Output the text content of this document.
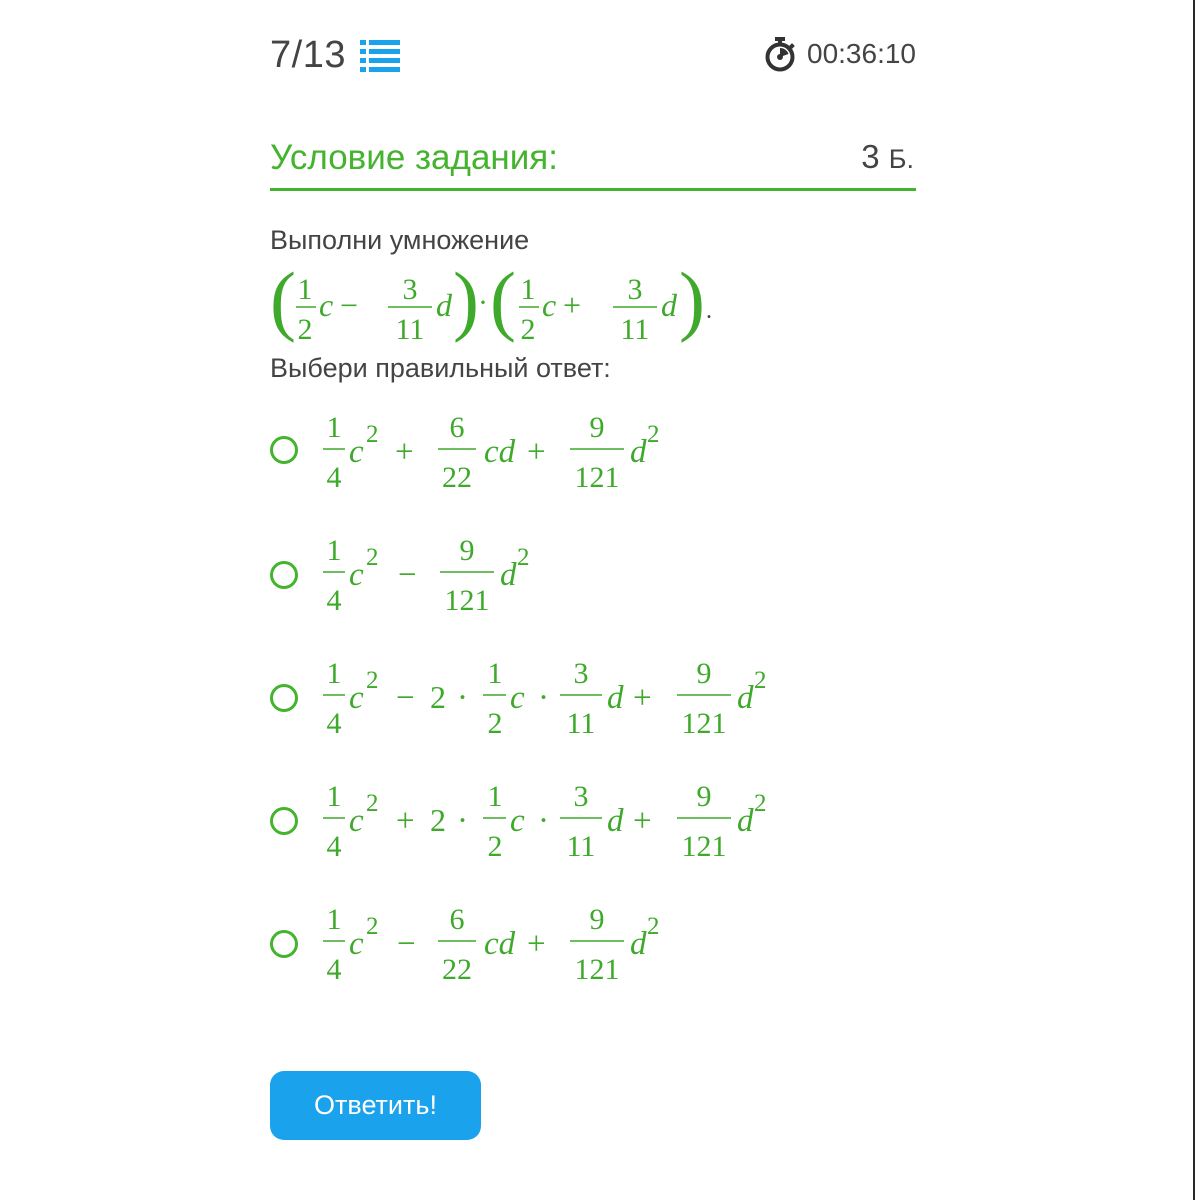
7/13	00:36:10
Условие задания:	3 Б.
Выполни умножение
( 1
2
c − 3
11
d ) · ( 1
2
c + 3
11
d ) .
Выбери правильный ответ:
1
4
c 2 +
6
22
cd +
9
121
d 2
1
4
c 2 −
9
121
d 2
1
4
c 2 − 2 ·
1
2
c ·
3
11
d +
9
121
d 2
1
4
c 2 + 2 ·
1
2
c ·
3
11
d +
9
121
d 2
1
4
c 2 −
6
22
cd +
9
121
d 2
Ответить!
